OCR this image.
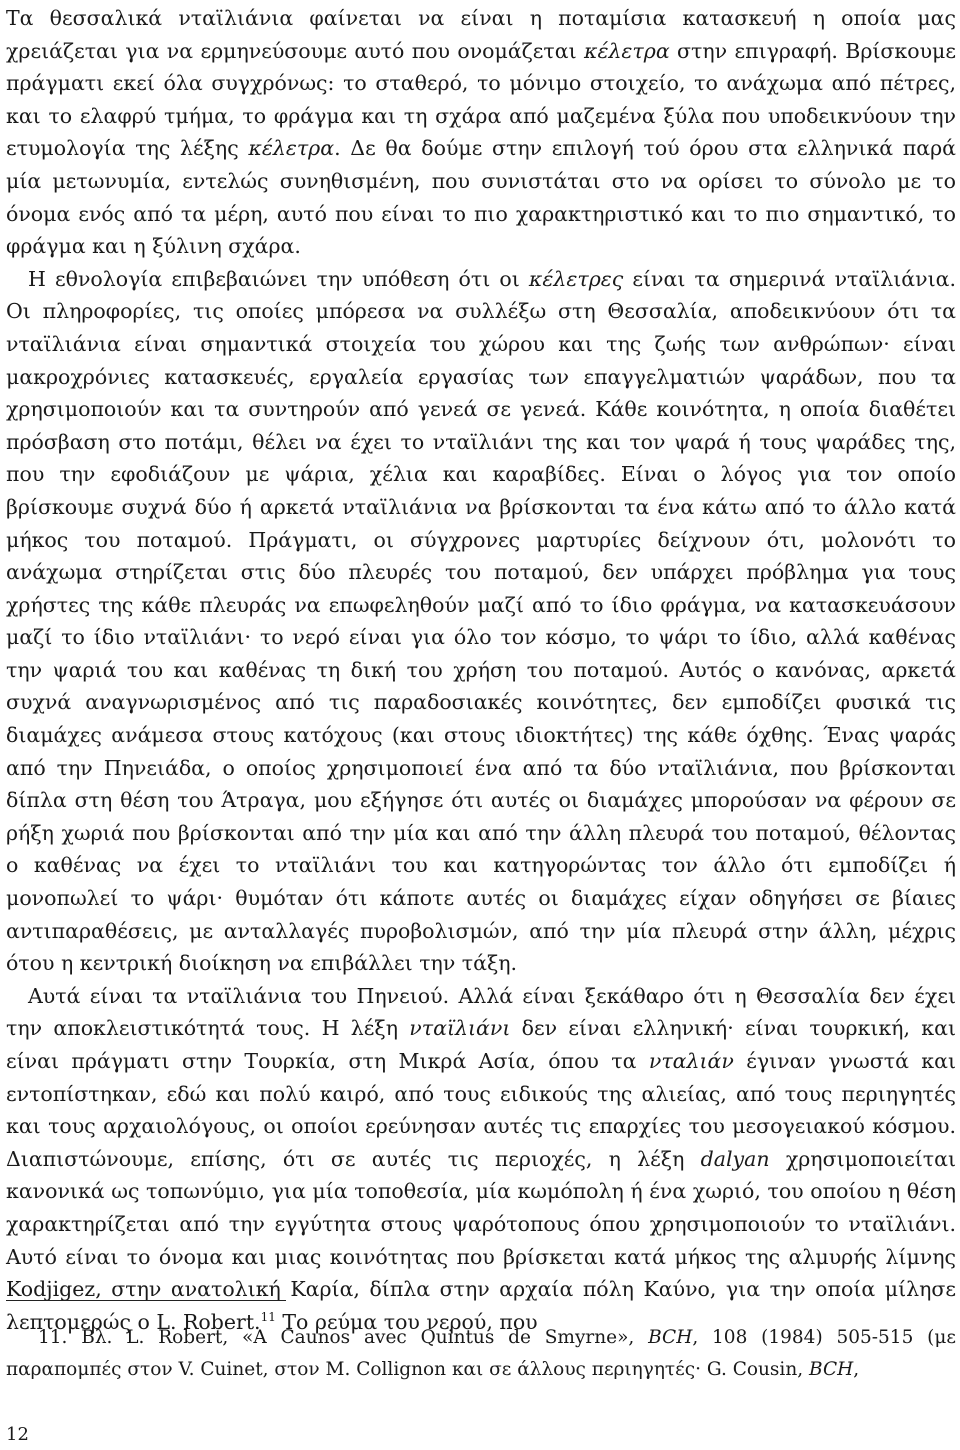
Τα θεσσαλικά νταϊλιάνια φαίνεται να είναι η ποταμίσια κατασκευή η οποία μας χρειάζεται για να ερμηνεύσουμε αυτό που ονομάζεται κέλετρα στην επιγραφή. Βρίσκουμε πράγματι εκεί όλα συγχρόνως: το σταθερό, το μόνιμο στοιχείο, το ανάχωμα από πέτρες, και το ελαφρύ τμήμα, το φράγμα και τη σχάρα από μαζεμένα ξύλα που υποδεικνύουν την ετυμολογία της λέξης κέλετρα. Δε θα δούμε στην επιλογή τού όρου στα ελληνικά παρά μία μετωνυμία, εντελώς συνηθισμένη, που συνιστάται στο να ορίσει το σύνολο με το όνομα ενός από τα μέρη, αυτό που είναι το πιο χαρακτηριστικό και το πιο σημαντικό, το φράγμα και η ξύλινη σχάρα.

Η εθνολογία επιβεβαιώνει την υπόθεση ότι οι κέλετρες είναι τα σημερινά νταϊλιάνια. Οι πληροφορίες, τις οποίες μπόρεσα να συλλέξω στη Θεσσαλία, αποδεικνύουν ότι τα νταϊλιάνια είναι σημαντικά στοιχεία του χώρου και της ζωής των ανθρώπων· είναι μακροχρόνιες κατασκευές, εργαλεία εργασίας των επαγγελματιών ψαράδων, που τα χρησιμοποιούν και τα συντηρούν από γενεά σε γενεά. Κάθε κοινότητα, η οποία διαθέτει πρόσβαση στο ποτάμι, θέλει να έχει το νταϊλιάνι της και τον ψαρά ή τους ψαράδες της, που την εφοδιάζουν με ψάρια, χέλια και καραβίδες. Είναι ο λόγος για τον οποίο βρίσκουμε συχνά δύο ή αρκετά νταϊλιάνια να βρίσκονται τα ένα κάτω από το άλλο κατά μήκος του ποταμού. Πράγματι, οι σύγχρονες μαρτυρίες δείχνουν ότι, μολονότι το ανάχωμα στηρίζεται στις δύο πλευρές του ποταμού, δεν υπάρχει πρόβλημα για τους χρήστες της κάθε πλευράς να επωφεληθούν μαζί από το ίδιο φράγμα, να κατασκευάσουν μαζί το ίδιο νταϊλιάνι· το νερό είναι για όλο τον κόσμο, το ψάρι το ίδιο, αλλά καθένας την ψαριά του και καθένας τη δική του χρήση του ποταμού. Αυτός ο κανόνας, αρκετά συχνά αναγνωρισμένος από τις παραδοσιακές κοινότητες, δεν εμποδίζει φυσικά τις διαμάχες ανάμεσα στους κατόχους (και στους ιδιοκτήτες) της κάθε όχθης. Ένας ψαράς από την Πηνειάδα, ο οποίος χρησιμοποιεί ένα από τα δύο νταϊλιάνια, που βρίσκονται δίπλα στη θέση του Άτραγα, μου εξήγησε ότι αυτές οι διαμάχες μπορούσαν να φέρουν σε ρήξη χωριά που βρίσκονται από την μία και από την άλλη πλευρά του ποταμού, θέλοντας ο καθένας να έχει το νταϊλιάνι του και κατηγορώντας τον άλλο ότι εμποδίζει ή μονοπωλεί το ψάρι· θυμόταν ότι κάποτε αυτές οι διαμάχες είχαν οδηγήσει σε βίαιες αντιπαραθέσεις, με ανταλλαγές πυροβολισμών, από την μία πλευρά στην άλλη, μέχρις ότου η κεντρική διοίκηση να επιβάλλει την τάξη.

Αυτά είναι τα νταϊλιάνια του Πηνειού. Αλλά είναι ξεκάθαρο ότι η Θεσσαλία δεν έχει την αποκλειστικότητά τους. Η λέξη νταϊλιάνι δεν είναι ελληνική· είναι τουρκική, και είναι πράγματι στην Τουρκία, στη Μικρά Ασία, όπου τα νταλιάν έγιναν γνωστά και εντοπίστηκαν, εδώ και πολύ καιρό, από τους ειδικούς της αλιείας, από τους περιηγητές και τους αρχαιολόγους, οι οποίοι ερεύνησαν αυτές τις επαρχίες του μεσογειακού κόσμου. Διαπιστώνουμε, επίσης, ότι σε αυτές τις περιοχές, η λέξη dalyan χρησιμοποιείται κανονικά ως τοπωνύμιο, για μία τοποθεσία, μία κωμόπολη ή ένα χωριό, του οποίου η θέση χαρακτηρίζεται από την εγγύτητα στους ψαρότοπους όπου χρησιμοποιούν το νταϊλιάνι. Αυτό είναι το όνομα και μιας κοινότητας που βρίσκεται κατά μήκος της αλμυρής λίμνης Kodjigez, στην ανατολική Καρία, δίπλα στην αρχαία πόλη Καύνο, για την οποία μίλησε λεπτομερώς ο L. Robert.$^{11}$ Το ρεύμα του νερού, που

11. Βλ. L. Robert, «A Caunos avec Quintus de Smyrne», BCH, 108 (1984) 505-515 (με παραπομπές στον V. Cuinet, στον M. Collignon και σε άλλους περιηγητές· G. Cousin, BCH,

12
